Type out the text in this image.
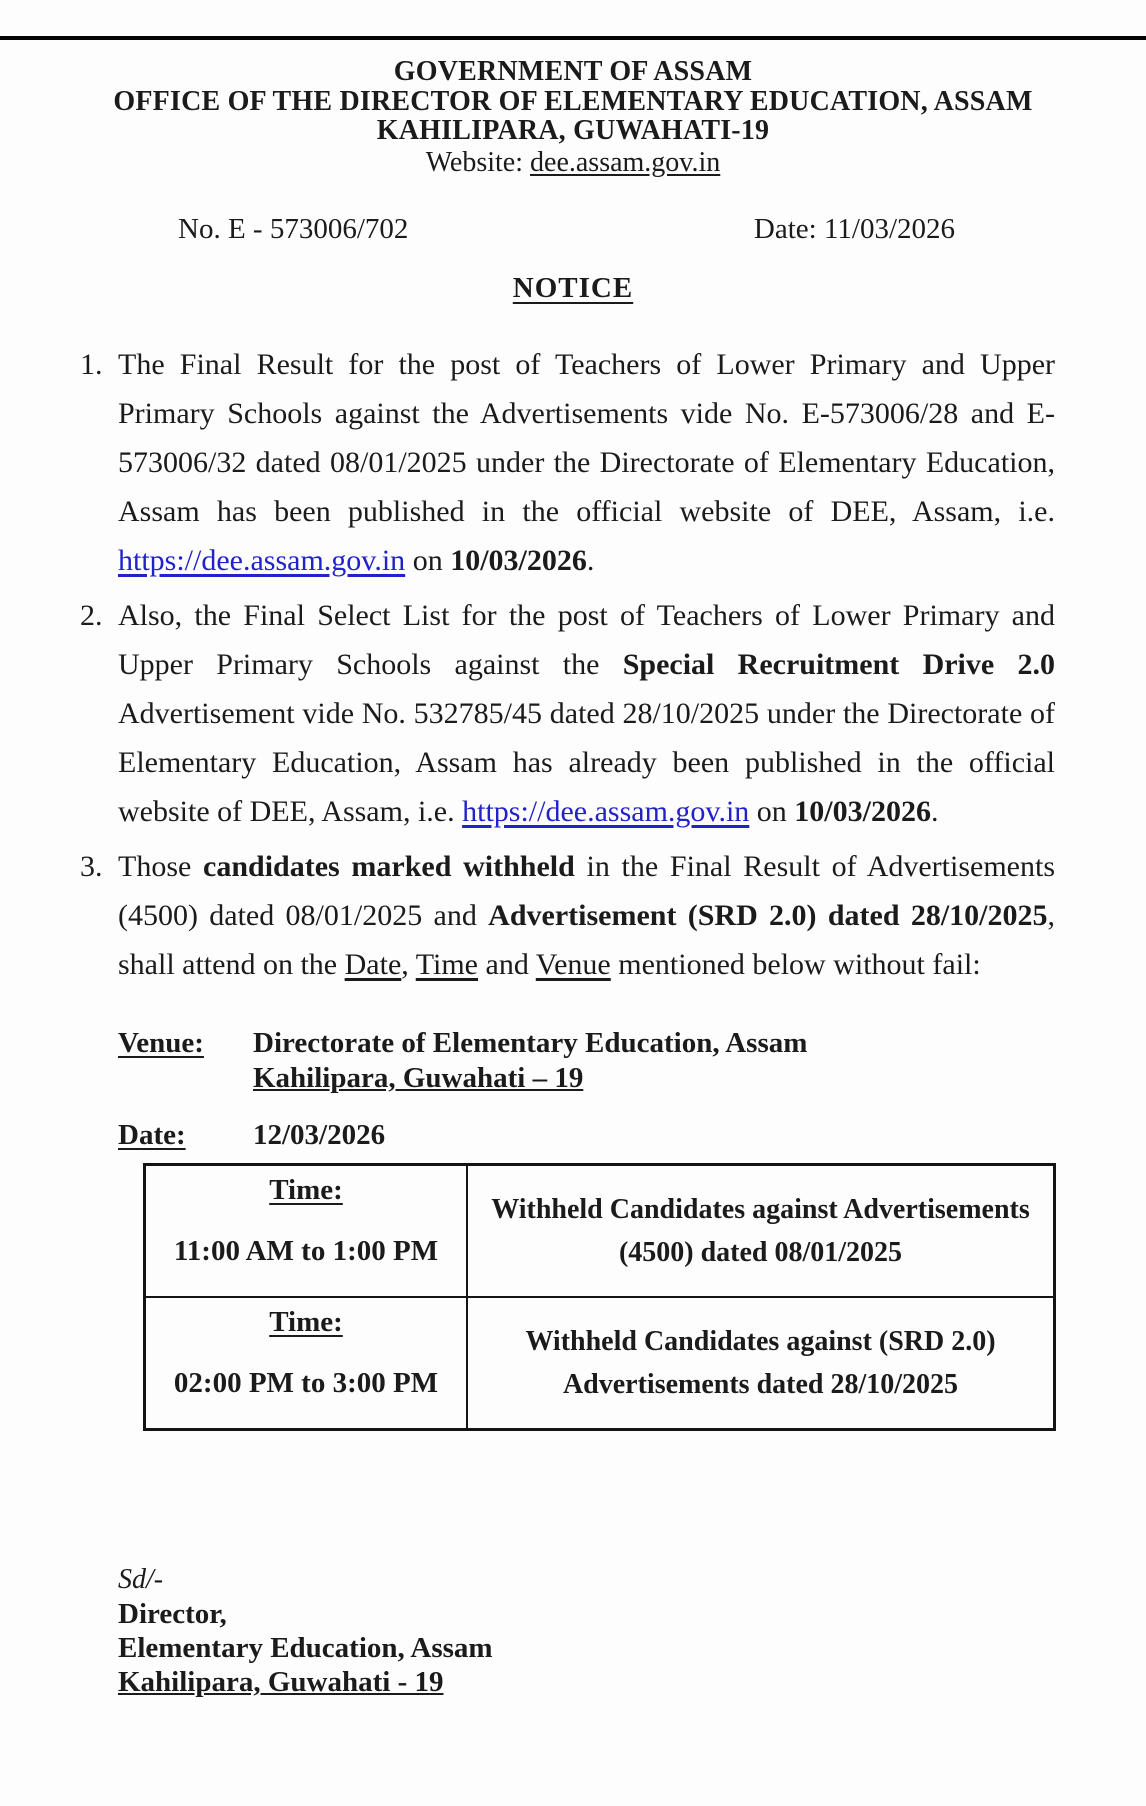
GOVERNMENT OF ASSAM
OFFICE OF THE DIRECTOR OF ELEMENTARY EDUCATION, ASSAM
KAHILIPARA, GUWAHATI-19
Website: dee.assam.gov.in
No. E - 573006/702	Date: 11/03/2026
NOTICE
1. The Final Result for the post of Teachers of Lower Primary and Upper Primary Schools against the Advertisements vide No. E-573006/28 and E-573006/32 dated 08/01/2025 under the Directorate of Elementary Education, Assam has been published in the official website of DEE, Assam, i.e. https://dee.assam.gov.in on 10/03/2026.
2. Also, the Final Select List for the post of Teachers of Lower Primary and Upper Primary Schools against the Special Recruitment Drive 2.0 Advertisement vide No. 532785/45 dated 28/10/2025 under the Directorate of Elementary Education, Assam has already been published in the official website of DEE, Assam, i.e. https://dee.assam.gov.in on 10/03/2026.
3. Those candidates marked withheld in the Final Result of Advertisements (4500) dated 08/01/2025 and Advertisement (SRD 2.0) dated 28/10/2025, shall attend on the Date, Time and Venue mentioned below without fail:
Venue:	Directorate of Elementary Education, Assam
Kahilipara, Guwahati – 19
Date:	12/03/2026
Time:
11:00 AM to 1:00 PM	Withheld Candidates against Advertisements (4500) dated 08/01/2025

Time:
02:00 PM to 3:00 PM	Withheld Candidates against (SRD 2.0) Advertisements dated 28/10/2025
Sd/-
Director,
Elementary Education, Assam
Kahilipara, Guwahati - 19
